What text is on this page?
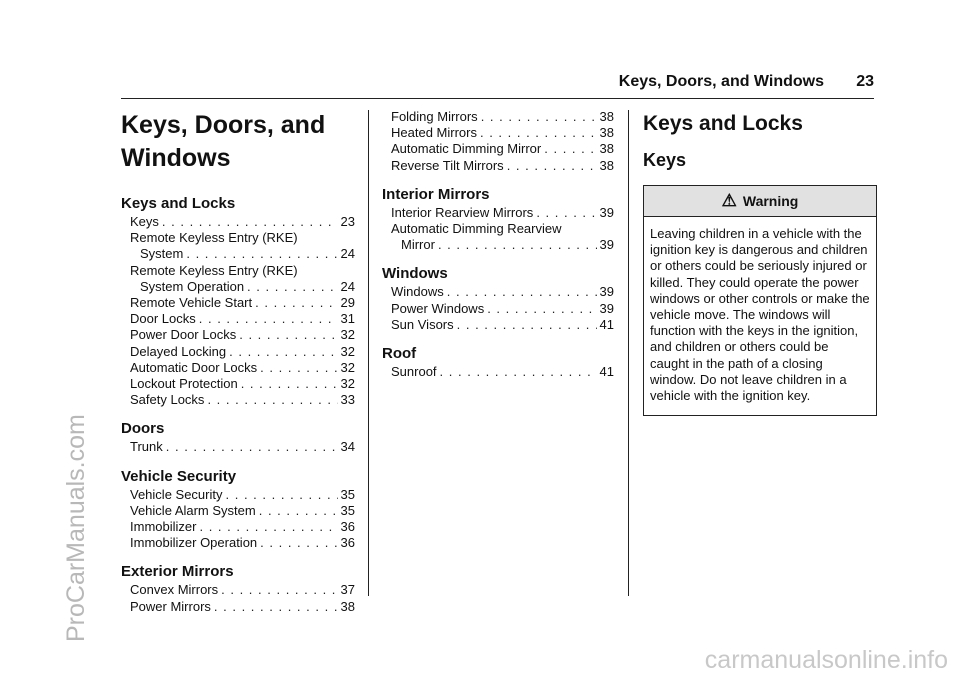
ProCarManuals.com
Keys, Doors, and Windows 23
Keys, Doors, and
Windows
Keys and Locks
Keys . . .	23
Remote Keyless Entry (RKE)
System . . .	24
Remote Keyless Entry (RKE)
System Operation . . .	24
Remote Vehicle Start . . .	29
Door Locks . . .	31
Power Door Locks . . .	32
Delayed Locking . . .	32
Automatic Door Locks . . .	32
Lockout Protection . . .	32
Safety Locks . . .	33
Doors
Trunk . . .	34
Vehicle Security
Vehicle Security . . .	35
Vehicle Alarm System . . .	35
Immobilizer . . .	36
Immobilizer Operation . . .	36
Exterior Mirrors
Convex Mirrors . . .	37
Power Mirrors . . .	38
Folding Mirrors . . .	38
Heated Mirrors . . .	38
Automatic Dimming Mirror . . .	38
Reverse Tilt Mirrors . . .	38
Interior Mirrors
Interior Rearview Mirrors . . .	39
Automatic Dimming Rearview
Mirror . . .	39
Windows
Windows . . .	39
Power Windows . . .	39
Sun Visors . . .	41
Roof
Sunroof . . .	41
Keys and Locks
Keys
⚠ Warning
Leaving children in a vehicle with the ignition key is dangerous and children or others could be seriously injured or killed. They could operate the power windows or other controls or make the vehicle move. The windows will function with the keys in the ignition, and children or others could be caught in the path of a closing window. Do not leave children in a vehicle with the ignition key.
carmanualsonline.info
